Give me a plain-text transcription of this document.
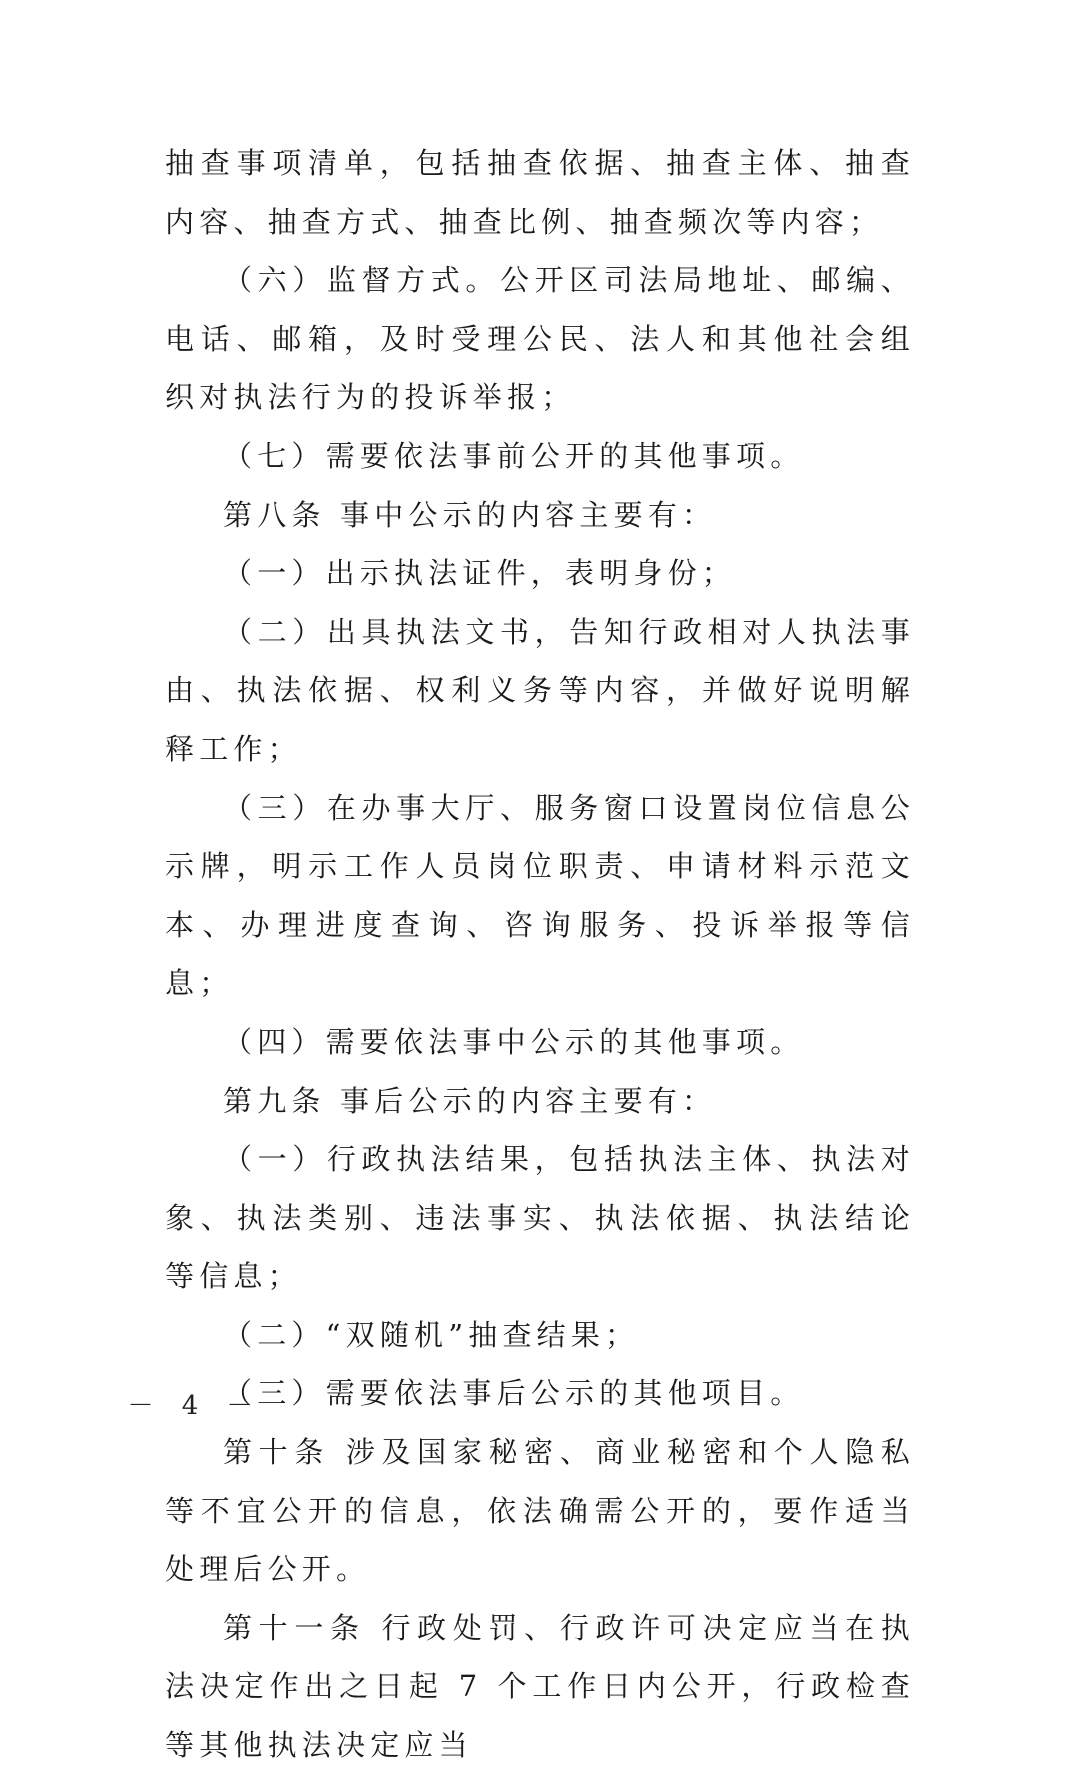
抽查事项清单，包括抽查依据、抽查主体、抽查内容、抽查方式、抽查比例、抽查频次等内容；

（六）监督方式。公开区司法局地址、邮编、电话、邮箱，及时受理公民、法人和其他社会组织对执法行为的投诉举报；

（七）需要依法事前公开的其他事项。

第八条 事中公示的内容主要有：

（一）出示执法证件，表明身份；

（二）出具执法文书，告知行政相对人执法事由、执法依据、权利义务等内容，并做好说明解释工作；

（三）在办事大厅、服务窗口设置岗位信息公示牌，明示工作人员岗位职责、申请材料示范文本、办理进度查询、咨询服务、投诉举报等信息；

（四）需要依法事中公示的其他事项。

第九条 事后公示的内容主要有：

（一）行政执法结果，包括执法主体、执法对象、执法类别、违法事实、执法依据、执法结论等信息；

（二）“双随机”抽查结果；

（三）需要依法事后公示的其他项目。

第十条 涉及国家秘密、商业秘密和个人隐私等不宜公开的信息，依法确需公开的，要作适当处理后公开。

第十一条 行政处罚、行政许可决定应当在执法决定作出之日起 7 个工作日内公开，行政检查等其他执法决定应当

－ 4 －
